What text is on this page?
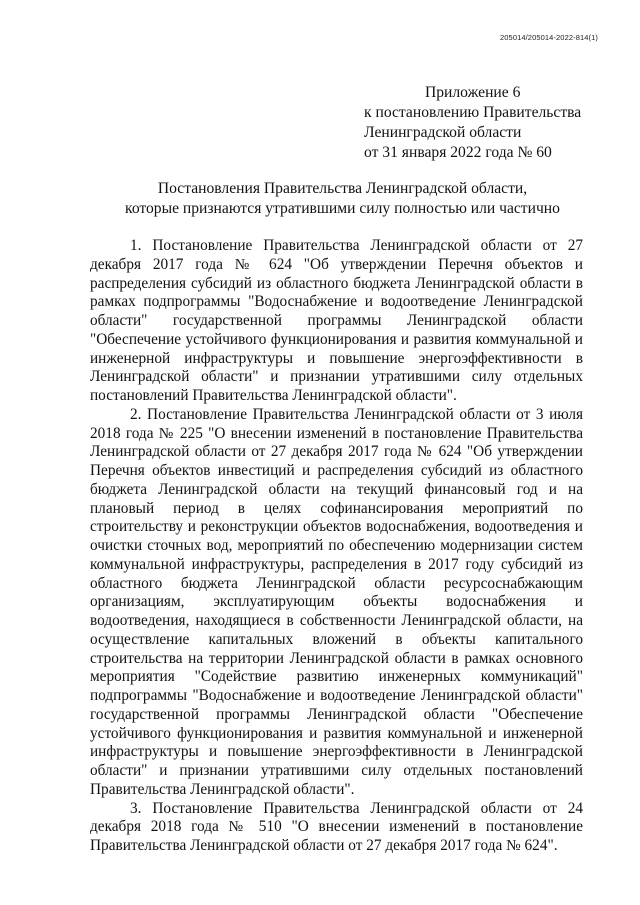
205014/205014-2022-814(1)
Приложение 6
к постановлению Правительства
Ленинградской области
от 31 января 2022 года № 60
Постановления Правительства Ленинградской области,
которые признаются утратившими силу полностью или частично

1. Постановление Правительства Ленинградской области от 27 декабря 2017 года № 624 "Об утверждении Перечня объектов и распределения субсидий из областного бюджета Ленинградской области в рамках подпрограммы "Водоснабжение и водоотведение Ленинградской области" государственной программы Ленинградской области "Обеспечение устойчивого функционирования и развития коммунальной и инженерной инфраструктуры и повышение энергоэффективности в Ленинградской области" и признании утратившими силу отдельных постановлений Правительства Ленинградской области".

2. Постановление Правительства Ленинградской области от 3 июля 2018 года № 225 "О внесении изменений в постановление Правительства Ленинградской области от 27 декабря 2017 года № 624 "Об утверждении Перечня объектов инвестиций и распределения субсидий из областного бюджета Ленинградской области на текущий финансовый год и на плановый период в целях софинансирования мероприятий по строительству и реконструкции объектов водоснабжения, водоотведения и очистки сточных вод, мероприятий по обеспечению модернизации систем коммунальной инфраструктуры, распределения в 2017 году субсидий из областного бюджета Ленинградской области ресурсоснабжающим организациям, эксплуатирующим объекты водоснабжения и водоотведения, находящиеся в собственности Ленинградской области, на осуществление капитальных вложений в объекты капитального строительства на территории Ленинградской области в рамках основного мероприятия "Содействие развитию инженерных коммуникаций" подпрограммы "Водоснабжение и водоотведение Ленинградской области" государственной программы Ленинградской области "Обеспечение устойчивого функционирования и развития коммунальной и инженерной инфраструктуры и повышение энергоэффективности в Ленинградской области" и признании утратившими силу отдельных постановлений Правительства Ленинградской области".

3. Постановление Правительства Ленинградской области от 24 декабря 2018 года № 510 "О внесении изменений в постановление Правительства Ленинградской области от 27 декабря 2017 года № 624".
